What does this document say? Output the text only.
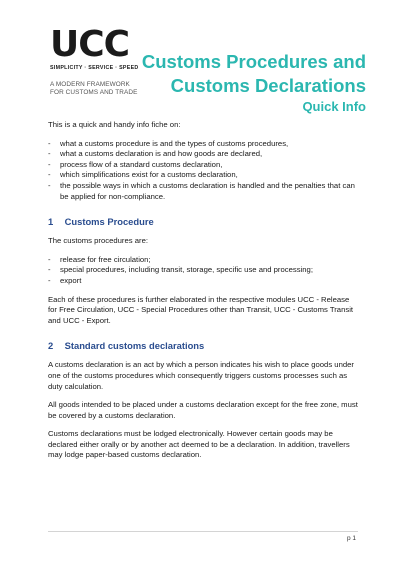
UCC
SIMPLICITY · SERVICE · SPEED
A MODERN FRAMEWORK
FOR CUSTOMS AND TRADE
Customs Procedures and
Customs Declarations
Quick Info

This is a quick and handy info fiche on:

- what a customs procedure is and the types of customs procedures,
- what a customs declaration is and how goods are declared,
- process flow of a standard customs declaration,
- which simplifications exist for a customs declaration,
- the possible ways in which a customs declaration is handled and the penalties that can be applied for non-compliance.
1 Customs Procedure

The customs procedures are:

- release for free circulation;
- special procedures, including transit, storage, specific use and processing;
- export

Each of these procedures is further elaborated in the respective modules UCC - Release for Free Circulation, UCC - Special Procedures other than Transit, UCC - Customs Transit and UCC - Export.

2 Standard customs declarations

A customs declaration is an act by which a person indicates his wish to place goods under one of the customs procedures which consequently triggers customs processes such as duty calculation.

All goods intended to be placed under a customs declaration except for the free zone, must be covered by a customs declaration.

Customs declarations must be lodged electronically. However certain goods may be declared either orally or by another act deemed to be a declaration. In addition, travellers may lodge paper-based customs declaration.

p 1
